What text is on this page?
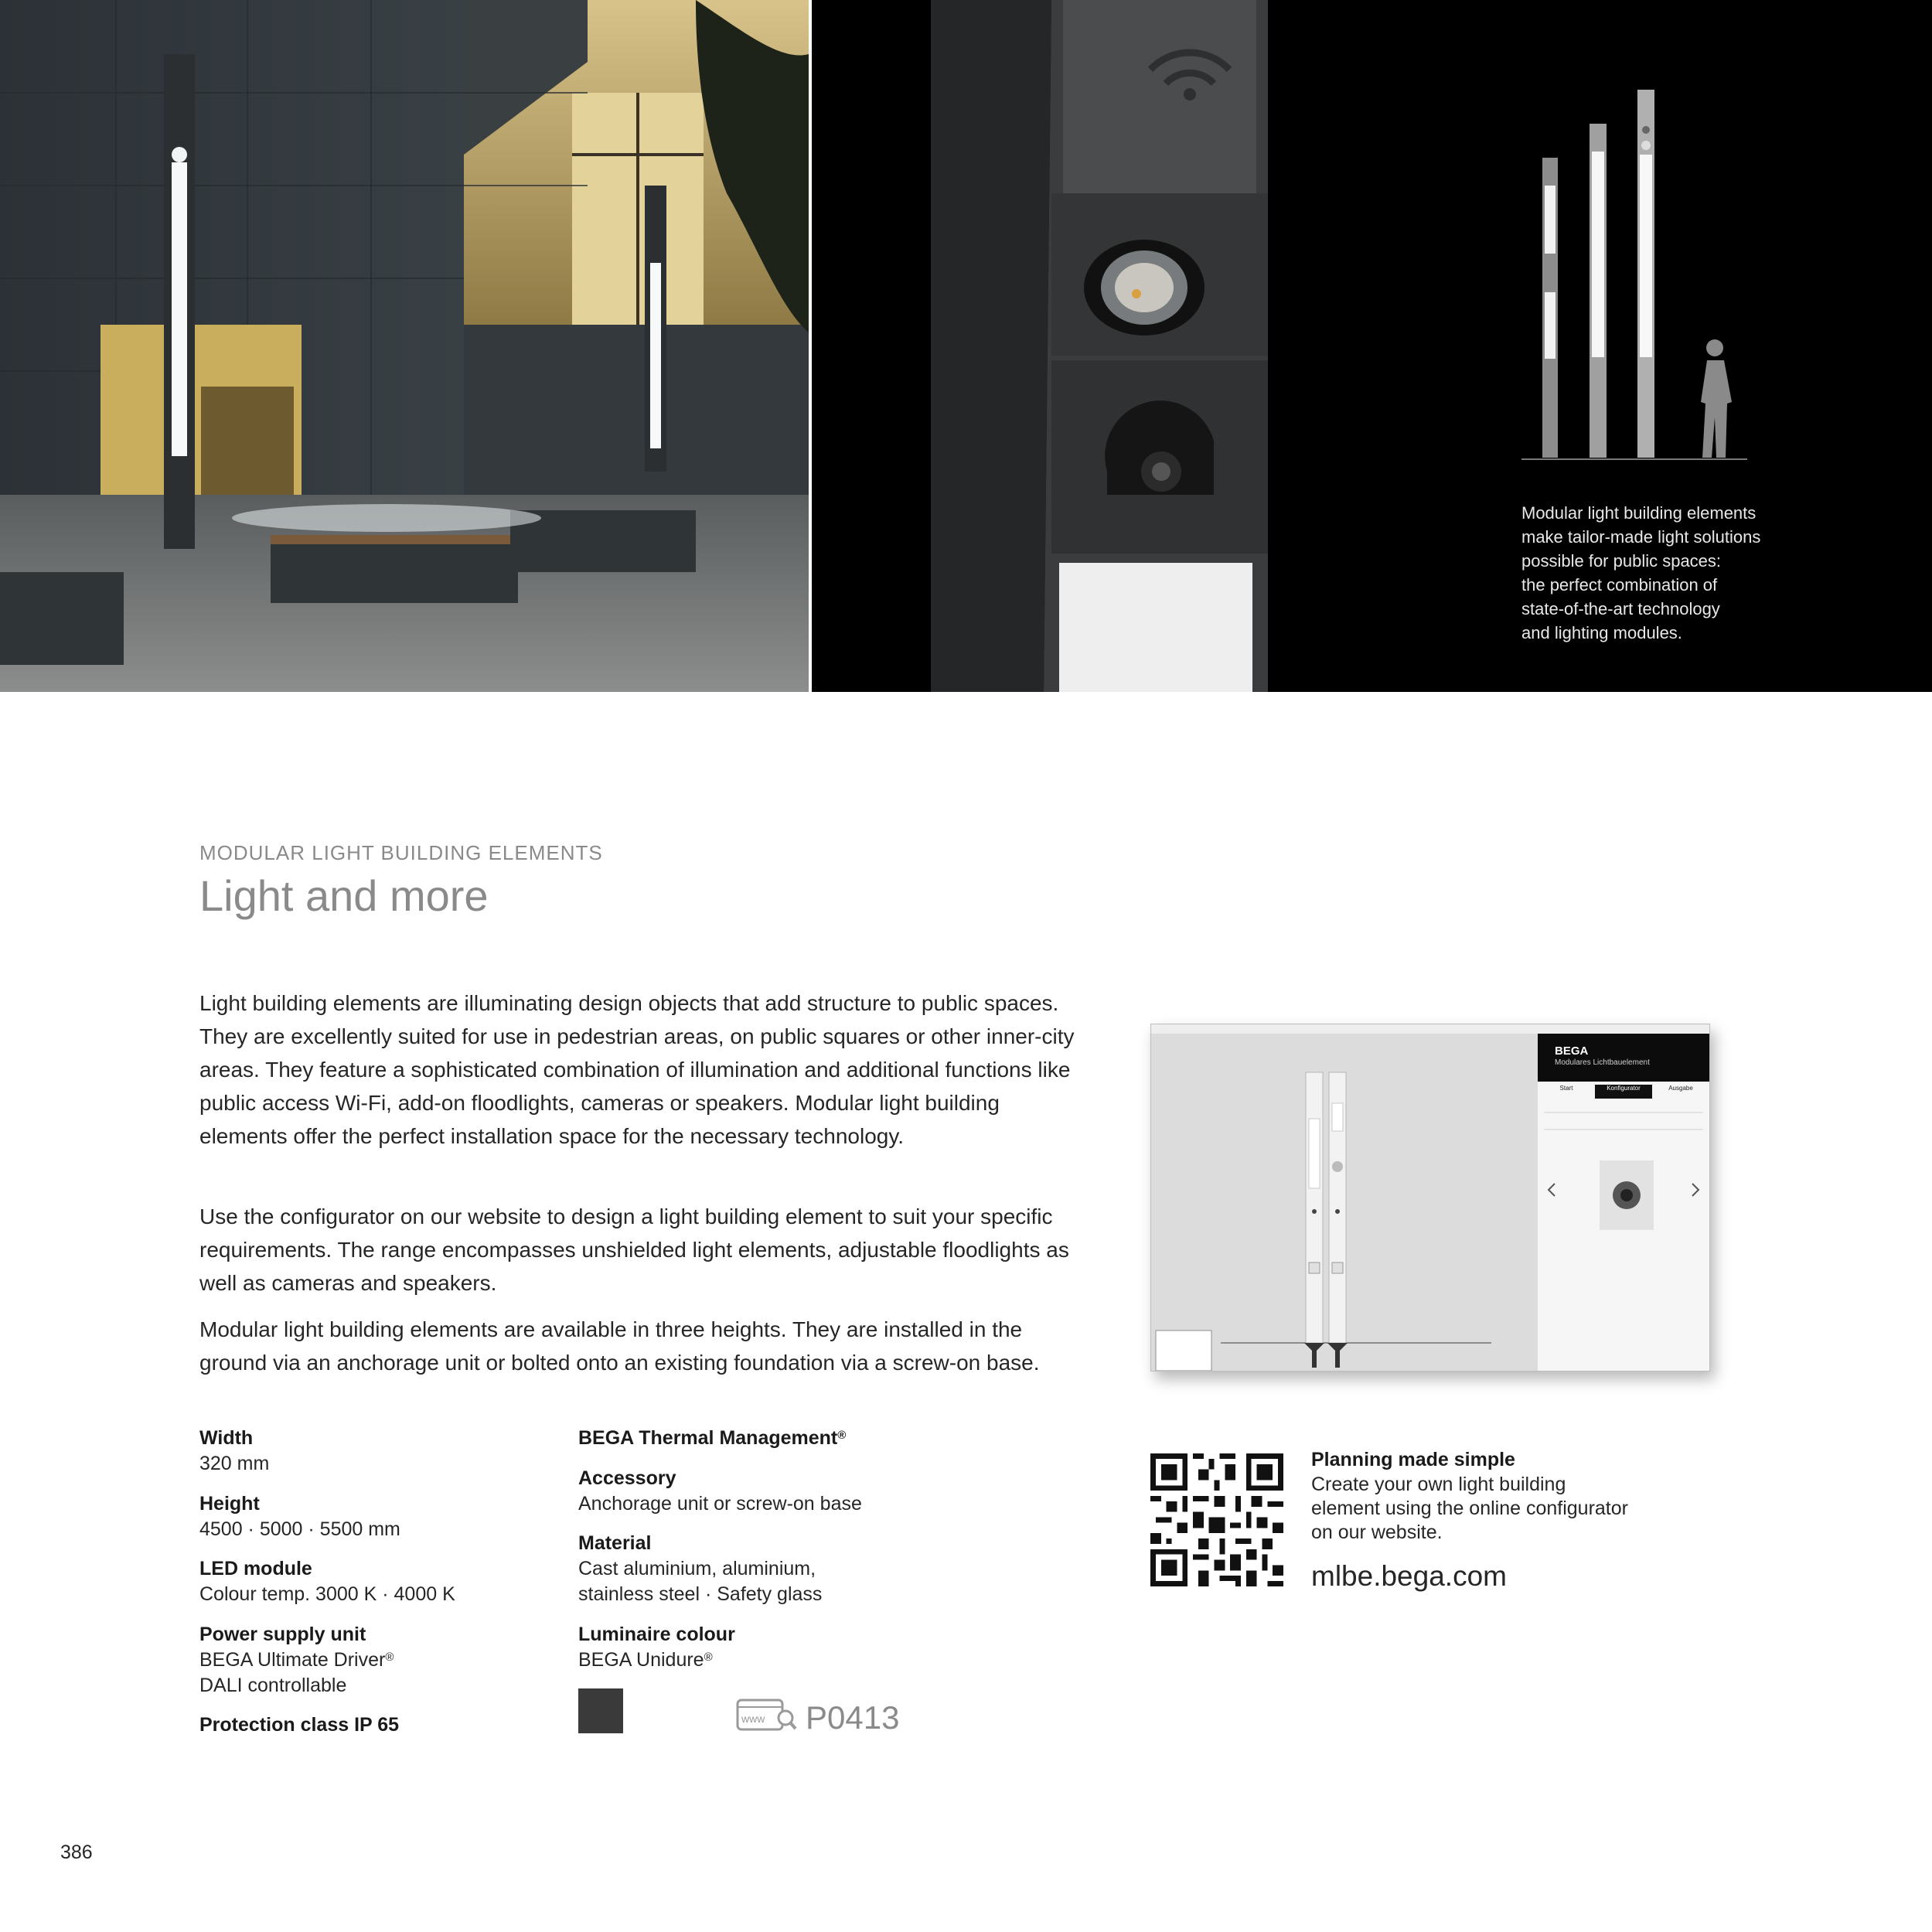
Modular light building elements
make tailor-made light solutions
possible for public spaces:
the perfect combination of
state-of-the-art technology
and lighting modules.
MODULAR LIGHT BUILDING ELEMENTS
Light and more
Light building elements are illuminating design objects that add structure to public spaces. They are excellently suited for use in pedestrian areas, on public squares or other inner-city areas. They feature a sophisticated combination of illumination and additional functions like public access Wi-Fi, add-on floodlights, cameras or speakers. Modular light building elements offer the perfect installation space for the necessary technology.
Use the configurator on our website to design a light building element to suit your specific requirements. The range encompasses unshielded light elements, adjustable floodlights as well as cameras and speakers.
Modular light building elements are available in three heights. They are installed in the ground via an anchorage unit or bolted onto an existing foundation via a screw-on base.
Width
320 mm
Height
4500 · 5000 · 5500 mm
LED module
Colour temp. 3000 K · 4000 K
Power supply unit
BEGA Ultimate Driver®
DALI controllable
Protection class IP 65
BEGA Thermal Management®
Accessory
Anchorage unit or screw-on base
Material
Cast aluminium, aluminium,
stainless steel · Safety glass
Luminaire colour
BEGA Unidure®
www P0413
BEGA
Modulares Lichtbauelement
Start	Konfigurator	Ausgabe
Planning made simple
Create your own light building
element using the online configurator
on our website.
mlbe.bega.com
386
